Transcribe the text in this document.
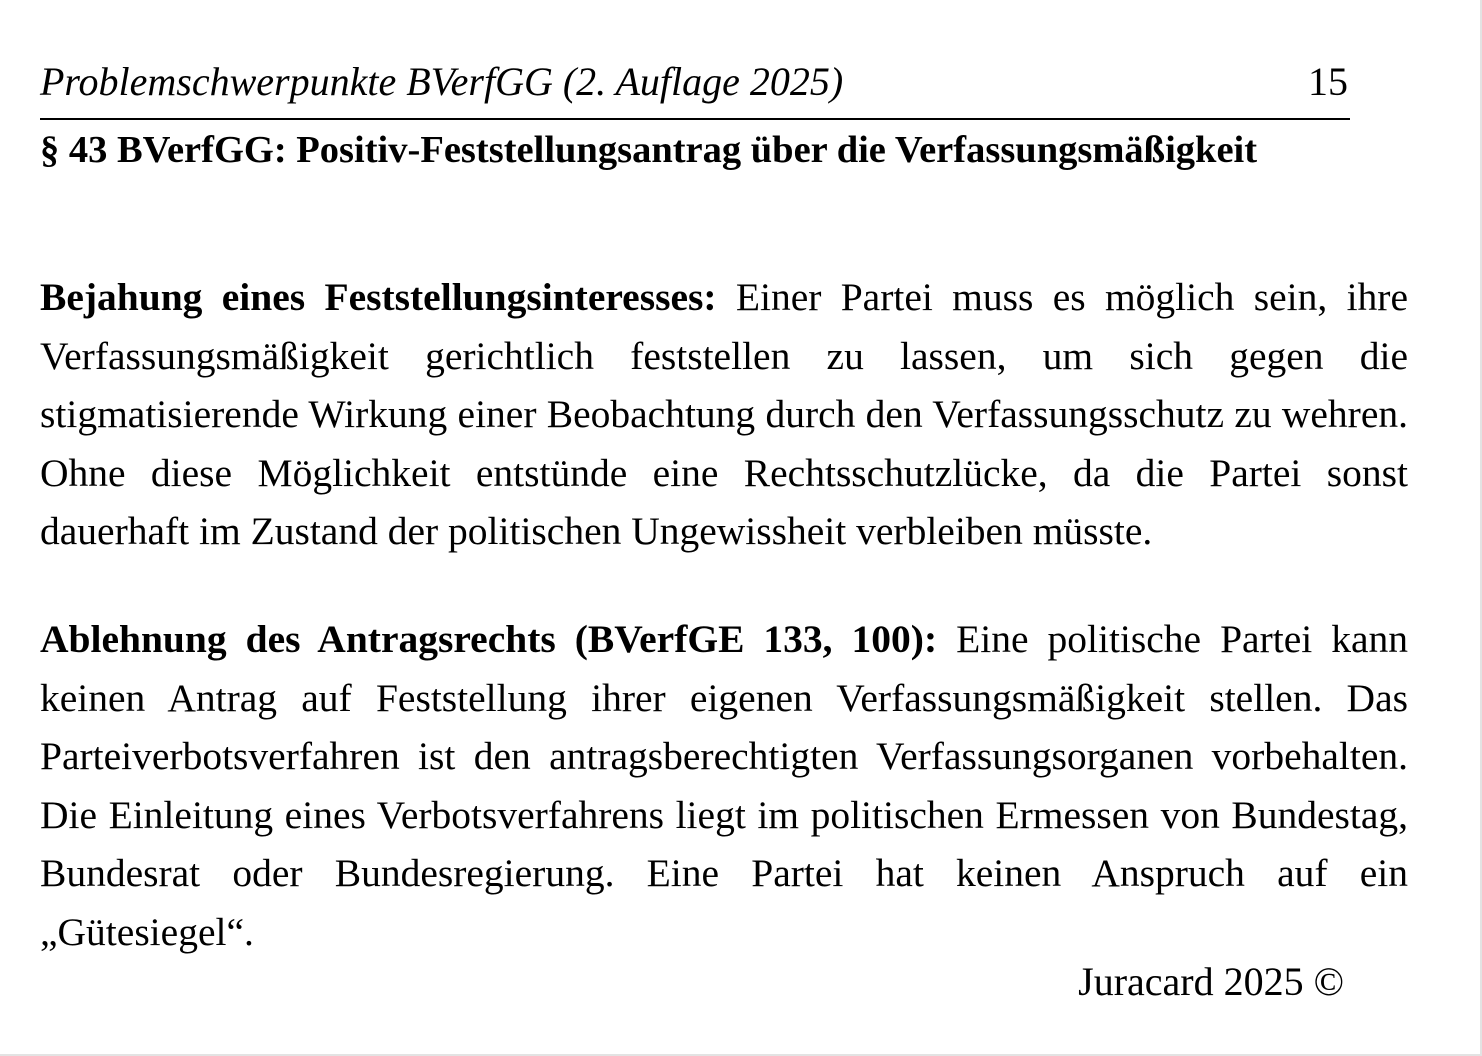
Problemschwerpunkte BVerfGG (2. Auflage 2025)	15
§ 43 BVerfGG: Positiv-Feststellungsantrag über die Verfassungsmäßigkeit

Bejahung eines Feststellungsinteresses: Einer Partei muss es möglich sein, ihre Verfassungsmäßigkeit gerichtlich feststellen zu lassen, um sich gegen die stigmatisierende Wirkung einer Beobachtung durch den Verfassungsschutz zu wehren. Ohne diese Möglichkeit entstünde eine Rechtsschutzlücke, da die Partei sonst dauerhaft im Zustand der politischen Ungewissheit verbleiben müsste.

Ablehnung des Antragsrechts (BVerfGE 133, 100): Eine politische Partei kann keinen Antrag auf Feststellung ihrer eigenen Verfassungsmäßigkeit stellen. Das Parteiverbotsverfahren ist den antragsberechtigten Verfassungsorganen vorbehalten. Die Einleitung eines Verbotsverfahrens liegt im politischen Ermessen von Bundestag, Bundesrat oder Bundesregierung. Eine Partei hat keinen Anspruch auf ein „Gütesiegel“.

Juracard 2025 ©
